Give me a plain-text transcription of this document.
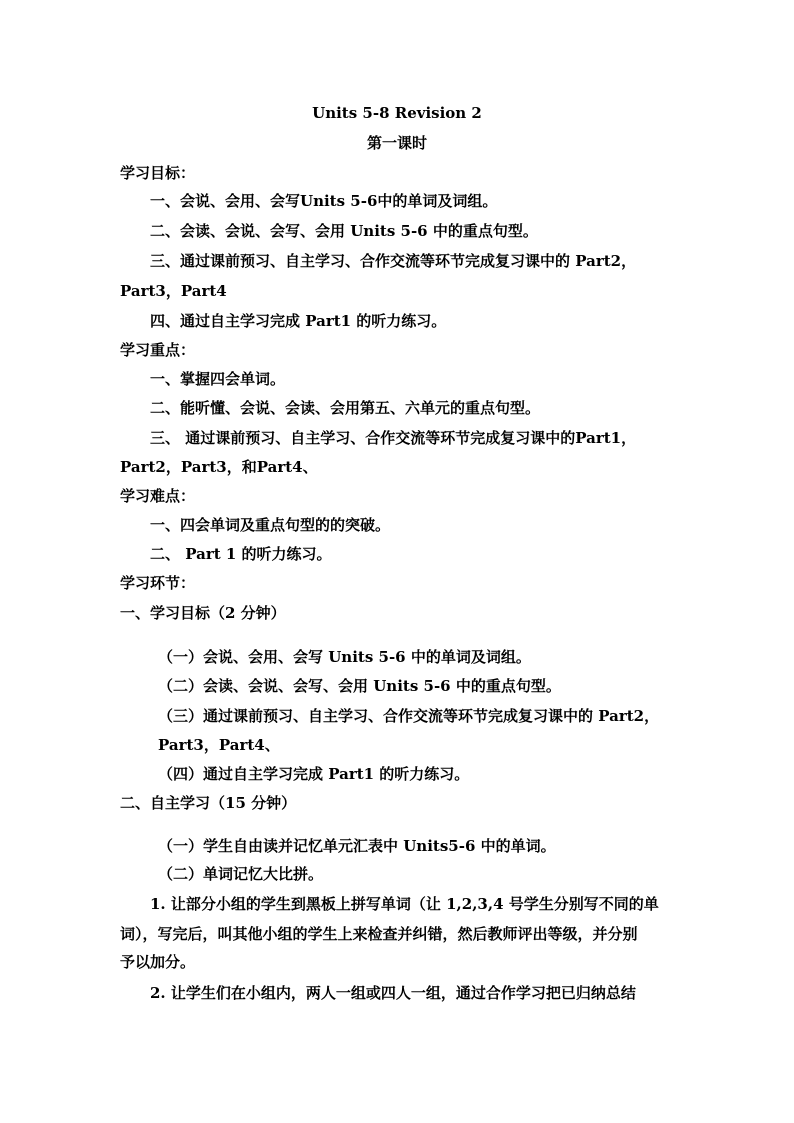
Units 5-8 Revision 2
第一课时
学习目标：
一、会说、会用、会写Units 5-6中的单词及词组。
二、会读、会说、会写、会用 Units 5-6 中的重点句型。
三、通过课前预习、自主学习、合作交流等环节完成复习课中的 Part2，
Part3，Part4
四、通过自主学习完成 Part1 的听力练习。
学习重点：
一、掌握四会单词。
二、能听懂、会说、会读、会用第五、六单元的重点句型。
三、 通过课前预习、自主学习、合作交流等环节完成复习课中的Part1，
Part2，Part3，和Part4、
学习难点：
一、四会单词及重点句型的的突破。
二、 Part 1 的听力练习。
学习环节：
一、学习目标（2 分钟）
（一）会说、会用、会写 Units 5-6 中的单词及词组。
（二）会读、会说、会写、会用 Units 5-6 中的重点句型。
（三）通过课前预习、自主学习、合作交流等环节完成复习课中的 Part2，
Part3，Part4、
（四）通过自主学习完成 Part1 的听力练习。
二、自主学习（15 分钟）
（一）学生自由读并记忆单元汇表中 Units5-6 中的单词。
（二）单词记忆大比拼。
1. 让部分小组的学生到黑板上拼写单词（让 1,2,3,4 号学生分别写不同的单
词），写完后，叫其他小组的学生上来检查并纠错，然后教师评出等级，并分别
予以加分。
2. 让学生们在小组内，两人一组或四人一组，通过合作学习把已归纳总结
